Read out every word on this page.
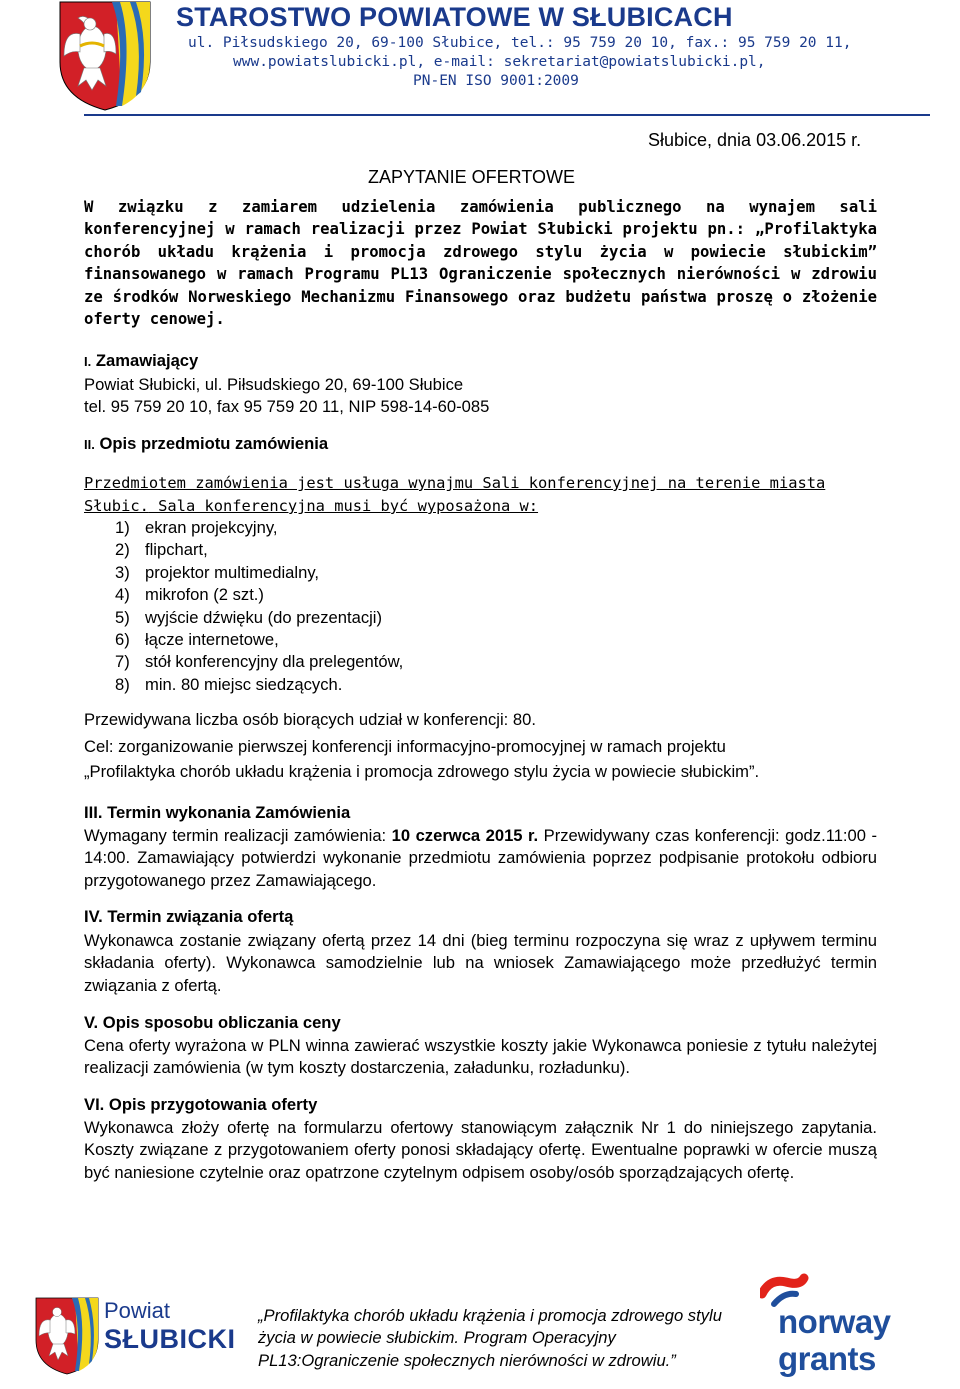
STAROSTWO POWIATOWE W SŁUBICACH
ul. Piłsudskiego 20, 69-100 Słubice, tel.: 95 759 20 10, fax.: 95 759 20 11,
www.powiatslubicki.pl, e-mail: sekretariat@powiatslubicki.pl,
PN-EN ISO 9001:2009
Słubice, dnia 03.06.2015 r.
ZAPYTANIE OFERTOWE
W związku z zamiarem udzielenia zamówienia publicznego na wynajem sali konferencyjnej w ramach realizacji przez Powiat Słubicki projektu pn.: „Profilaktyka chorób układu krążenia i promocja zdrowego stylu życia w powiecie słubickim” finansowanego w ramach Programu PL13 Ograniczenie społecznych nierówności w zdrowiu ze środków Norweskiego Mechanizmu Finansowego oraz budżetu państwa proszę o złożenie oferty cenowej.
I. Zamawiający
Powiat Słubicki, ul. Piłsudskiego 20, 69-100 Słubice
tel. 95 759 20 10, fax 95 759 20 11, NIP 598-14-60-085
II. Opis przedmiotu zamówienia
Przedmiotem zamówienia jest usługa wynajmu Sali konferencyjnej na terenie miasta
Słubic. Sala konferencyjna musi być wyposażona w:
1) ekran projekcyjny,
2) flipchart,
3) projektor multimedialny,
4) mikrofon (2 szt.)
5) wyjście dźwięku (do prezentacji)
6) łącze internetowe,
7) stół konferencyjny dla prelegentów,
8) min. 80 miejsc siedzących.
Przewidywana liczba osób biorących udział w konferencji: 80.
Cel: zorganizowanie pierwszej konferencji informacyjno-promocyjnej w ramach projektu
„Profilaktyka chorób układu krążenia i promocja zdrowego stylu życia w powiecie słubickim”.
III. Termin wykonania Zamówienia
Wymagany termin realizacji zamówienia: 10 czerwca 2015 r. Przewidywany czas konferencji: godz.11:00 - 14:00. Zamawiający potwierdzi wykonanie przedmiotu zamówienia poprzez podpisanie protokołu odbioru przygotowanego przez Zamawiającego.
IV. Termin związania ofertą
Wykonawca zostanie związany ofertą przez 14 dni (bieg terminu rozpoczyna się wraz z upływem terminu składania oferty). Wykonawca samodzielnie lub na wniosek Zamawiającego może przedłużyć termin związania z ofertą.
V. Opis sposobu obliczania ceny
Cena oferty wyrażona w PLN winna zawierać wszystkie koszty jakie Wykonawca poniesie z tytułu należytej realizacji zamówienia (w tym koszty dostarczenia, załadunku, rozładunku).
VI. Opis przygotowania oferty
Wykonawca złoży ofertę na formularzu ofertowy stanowiącym załącznik Nr 1 do niniejszego zapytania. Koszty związane z przygotowaniem oferty ponosi składający ofertę. Ewentualne poprawki w ofercie muszą być naniesione czytelnie oraz opatrzone czytelnym odpisem osoby/osób sporządzających ofertę.
Powiat
SŁUBICKI
„Profilaktyka chorób układu krążenia i promocja zdrowego stylu życia w powiecie słubickim. Program Operacyjny PL13:Ograniczenie społecznych nierówności w zdrowiu.”
norway
grants
